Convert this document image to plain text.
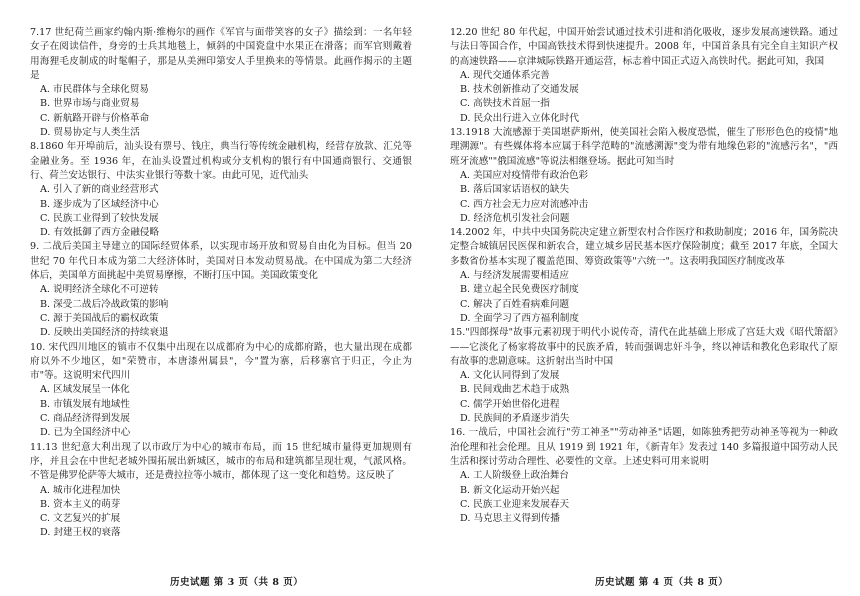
7.17 世纪荷兰画家约翰内斯·维梅尔的画作《军官与面带笑容的女子》描绘到：一名年轻女子在阅读信件，身旁的士兵其地毯上，倾斜的中国瓷盘中水果正在滑落；而军官则戴着用海狸毛皮制成的时髦帽子，那是从美洲印第安人手里换来的等情景。此画作揭示的主题是

A. 市民群体与全球化贸易

B. 世界市场与商业贸易

C. 新航路开辟与价格革命

D. 贸易协定与人类生活

8.1860 年开埠前后，汕头设有票号、钱庄，典当行等传统金融机构，经营存放款、汇兑等金融业务。至 1936 年，在汕头设置过机构或分支机构的银行有中国通商银行、交通银行、荷兰安达银行、中法实业银行等数十家。由此可见，近代汕头

A. 引入了新的商业经营形式

B. 逐步成为了区域经济中心

C. 民族工业得到了较快发展

D. 有效抵御了西方金融侵略

9. 二战后美国主导建立的国际经贸体系，以实现市场开放和贸易自由化为目标。但当 20 世纪 70 年代日本成为第二大经济体时，美国对日本发动贸易战。在中国成为第二大经济体后，美国单方面挑起中美贸易摩擦，不断打压中国。美国政策变化

A. 说明经济全球化不可逆转

B. 深受二战后冷战政策的影响

C. 源于美国战后的霸权政策

D. 反映出美国经济的持续衰退

10. 宋代四川地区的镇市不仅集中出现在以成都府为中心的成都府路，也大量出现在成都府以外不少地区，如"荣赞市，本唐漆州属县"，今"置为寨，后移寨官于归正，今止为市"等。这说明宋代四川

A. 区域发展呈一体化

B. 市镇发展有地域性

C. 商品经济得到发展

D. 已为全国经济中心

11.13 世纪意大利出现了以市政厅为中心的城市布局，而 15 世纪城市量得更加规则有序，并且会在中世纪老城外围拓展出新城区，城市的布局和建筑都呈现壮观，气派风格。不管是佛罗伦萨等大城市，还是费拉拉等小城市，都体现了这一变化和趋势。这反映了

A. 城市化进程加快

B. 资本主义的萌芽

C. 文艺复兴的扩展

D. 封建王权的衰落

历史试题 第 3 页（共 8 页）

12.20 世纪 80 年代起，中国开始尝试通过技术引进和消化吸收，逐步发展高速铁路。通过与法日等国合作，中国高铁技术得到快速提升。2008 年，中国首条具有完全自主知识产权的高速铁路——京津城际铁路开通运营，标志着中国正式迈入高铁时代。据此可知，我国

A. 现代交通体系完善

B. 技术创新推动了交通发展

C. 高铁技术首屈一指

D. 民众出行进入立体化时代

13.1918 大流感源于美国堪萨斯州，使美国社会陷入极度恐慌，催生了形形色色的疫情"地理溯源"。有些媒体将本应属于科学范畴的"流感溯源"变为带有地缘色彩的"流感污名"，"西班牙流感""俄国流感"等说法相继登场。据此可知当时

A. 美国应对疫情带有政治色彩

B. 落后国家话语权的缺失

C. 西方社会无力应对流感冲击

D. 经济危机引发社会问题

14.2002 年，中共中央国务院决定建立新型农村合作医疗和救助制度；2016 年，国务院决定整合城镇居民医保和新农合，建立城乡居民基本医疗保险制度；截至 2017 年底，全国大多数省份基本实现了覆盖范围、筹资政策等"六统一"。这表明我国医疗制度改革

A. 与经济发展需要相适应

B. 建立起全民免费医疗制度

C. 解决了百姓看病难问题

D. 全面学习了西方福利制度

15."四郎探母"故事元素初现于明代小说传奇，清代在此基础上形成了宫廷大戏《昭代箫韶》——它淡化了杨家将故事中的民族矛盾，转而强调忠奸斗争，终以神话和教化色彩取代了原有故事的悲剧意味。这折射出当时中国

A. 文化认同得到了发展

B. 民间戏曲艺术趋于成熟

C. 儒学开始世俗化进程

D. 民族间的矛盾逐步消失

16. 一战后，中国社会流行"劳工神圣""劳动神圣"话题，如陈独秀把劳动神圣等视为一种政治伦理和社会伦理。且从 1919 到 1921 年，《新青年》发表过 140 多篇报道中国劳动人民生活和探讨劳动合理性、必要性的文章。上述史料可用来说明

A. 工人阶级登上政治舞台

B. 新文化运动开始兴起

C. 民族工业迎来发展春天

D. 马克思主义得到传播

历史试题 第 4 页（共 8 页）
